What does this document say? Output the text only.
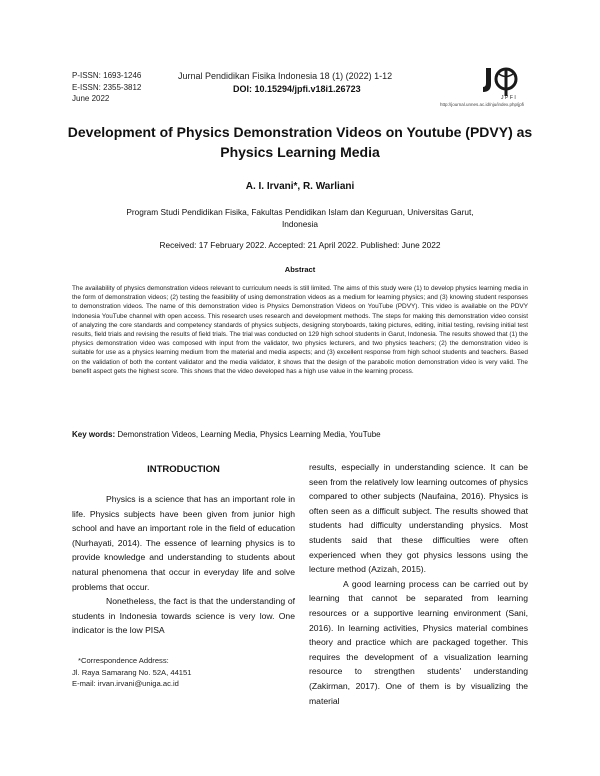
P-ISSN: 1693-1246
E-ISSN: 2355-3812
June 2022
Jurnal Pendidikan Fisika Indonesia 18 (1) (2022) 1-12
DOI: 10.15294/jpfi.v18i1.26723
JPFI
http://journal.unnes.ac.id/nju/index.php/jpfi
Development of Physics Demonstration Videos on Youtube (PDVY) as Physics Learning Media
A. I. Irvani*, R. Warliani
Program Studi Pendidikan Fisika, Fakultas Pendidikan Islam dan Keguruan, Universitas Garut, Indonesia
Received: 17 February 2022. Accepted: 21 April 2022. Published: June 2022
Abstract
The availability of physics demonstration videos relevant to curriculum needs is still limited. The aims of this study were (1) to develop physics learning media in the form of demonstration videos; (2) testing the feasibility of using demonstration videos as a medium for learning physics; and (3) knowing student responses to demonstration videos. The name of this demonstration video is Physics Demonstration Videos on YouTube (PDVY). This video is available on the PDVY Indonesia YouTube channel with open access. This research uses research and development methods. The steps for making this demonstration video consist of analyzing the core standards and competency standards of physics subjects, designing storyboards, taking pictures, editing, initial testing, revising initial test results, field trials and revising the results of field trials. The trial was conducted on 129 high school students in Garut, Indonesia. The results showed that (1) the physics demonstration video was composed with input from the validator, two physics lecturers, and two physics teachers; (2) the demonstration video is suitable for use as a physics learning medium from the material and media aspects; and (3) excellent response from high school students and teachers. Based on the validation of both the content validator and the media validator, it shows that the design of the parabolic motion demonstration video is very valid. The benefit aspect gets the highest score. This shows that the video developed has a high use value in the learning process.
Key words: Demonstration Videos, Learning Media, Physics Learning Media, YouTube
INTRODUCTION

Physics is a science that has an important role in life. Physics subjects have been given from junior high school and have an important role in the field of education (Nurhayati, 2014). The essence of learning physics is to provide knowledge and understanding to students about natural phenomena that occur in everyday life and solve problems that occur.

Nonetheless, the fact is that the understanding of students in Indonesia towards science is very low. One indicator is the low PISA

results, especially in understanding science. It can be seen from the relatively low learning outcomes of physics compared to other subjects (Naufaina, 2016). Physics is often seen as a difficult subject. The results showed that students had difficulty understanding physics. Most students said that these difficulties were often experienced when they got physics lessons using the lecture method (Azizah, 2015).

A good learning process can be carried out by learning that cannot be separated from learning resources or a supportive learning environment (Sani, 2016). In learning activities, Physics material combines theory and practice which are packaged together. This requires the development of a visualization learning resource to strengthen students' understanding (Zakirman, 2017). One of them is by visualizing the material

*Correspondence Address:
Jl. Raya Samarang No. 52A, 44151
E-mail: irvan.irvani@uniga.ac.id
